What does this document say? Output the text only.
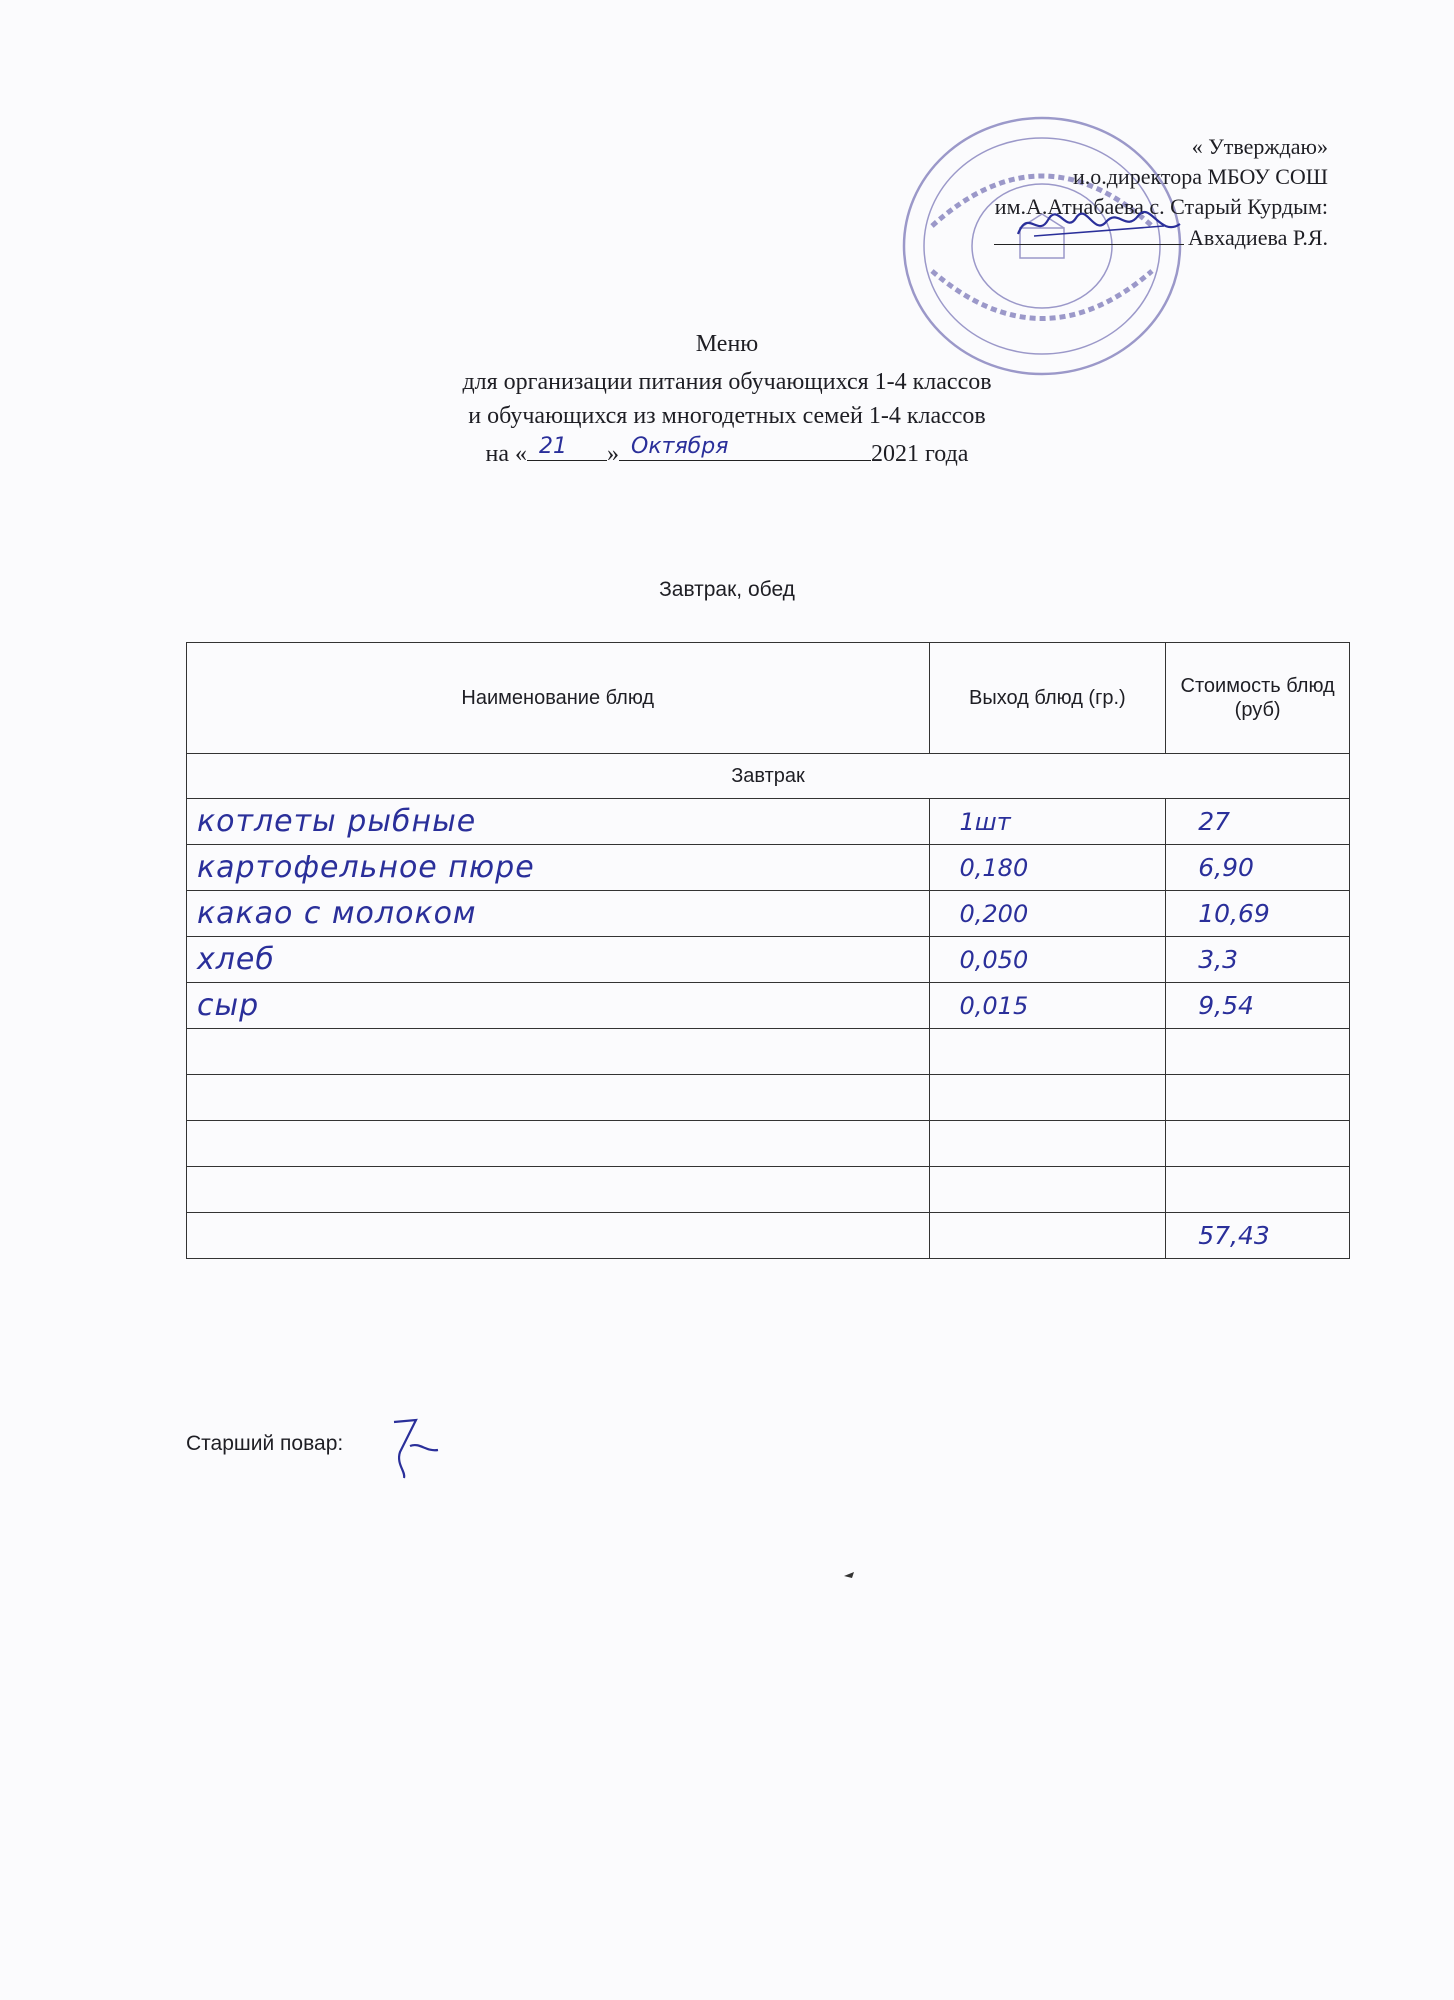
« Утверждаю»
и.о.директора МБОУ СОШ
им.А.Атнабаева с. Старый Курдым:
Авхадиева Р.Я.
Меню
для организации питания обучающихся 1-4 классов
и обучающихся из многодетных семей 1-4 классов
на « 21 » Октября	2021 года
Завтрак, обед
Наименование блюд	Выход блюд (гр.)	Стоимость блюд (руб)
Завтрак		
котлеты рыбные	1шт	27
картофельное пюре	0,180	6,90
какао с молоком	0,200	10,69
хлеб	0,050	3,3
сыр	0,015	9,54

		57,43
Старший повар:
